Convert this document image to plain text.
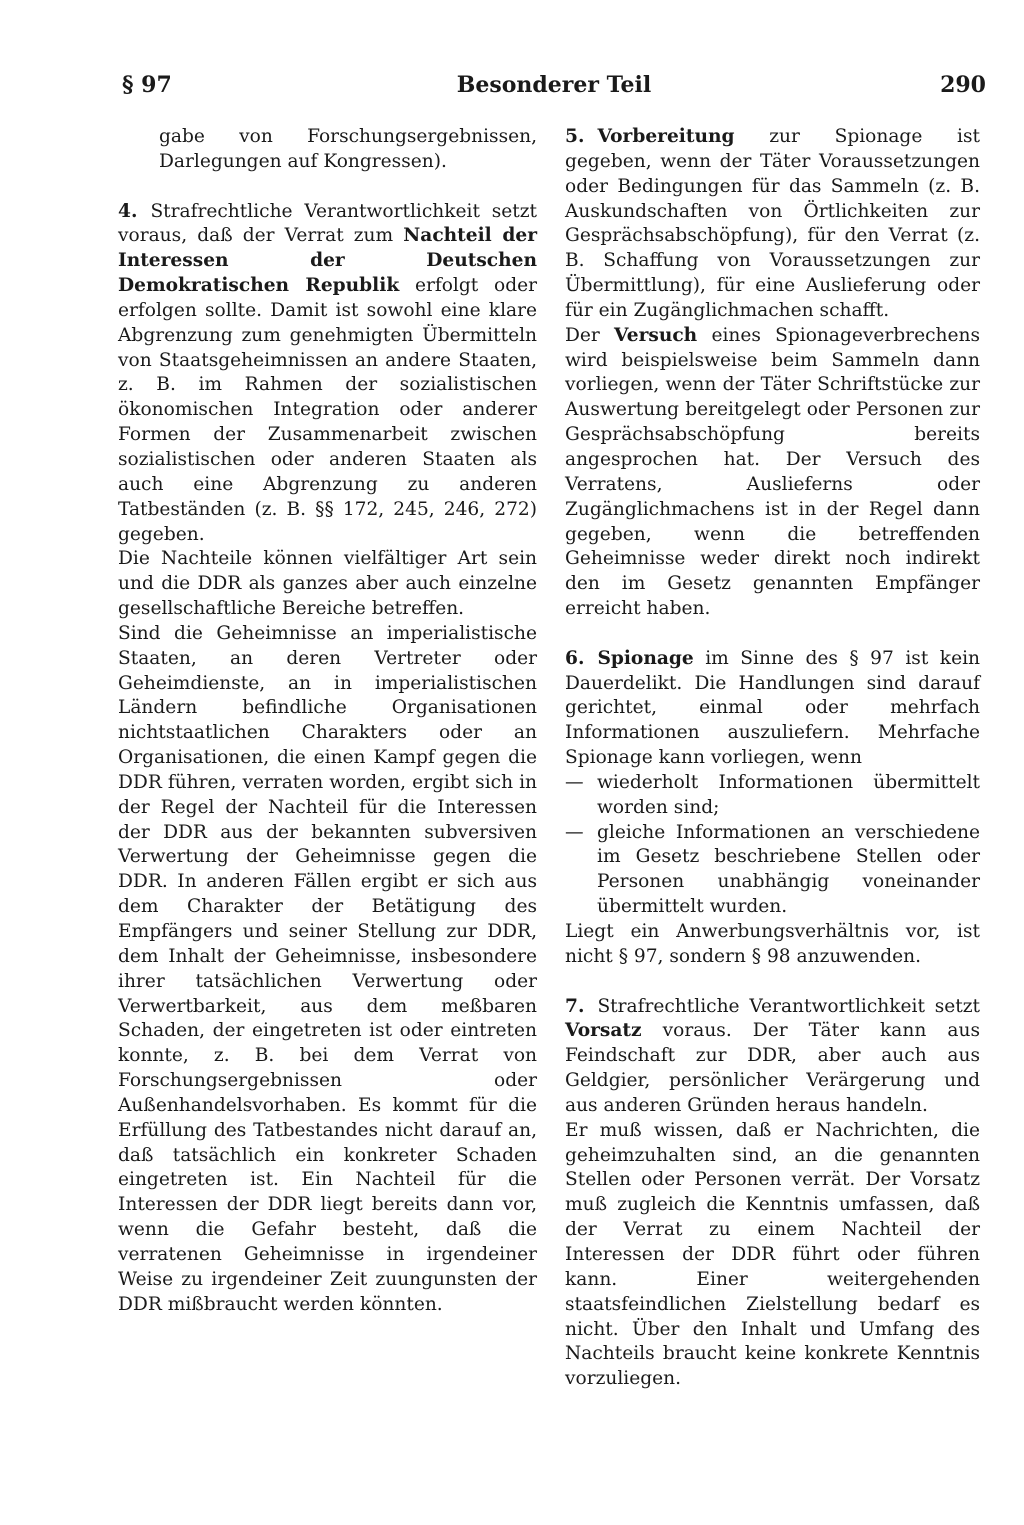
§ 97	Besonderer Teil	290

gabe von Forschungsergebnissen, Darlegungen auf Kongressen).

4. Strafrechtliche Verantwortlichkeit setzt voraus, daß der Verrat zum Nachteil der Interessen der Deutschen Demokratischen Republik erfolgt oder erfolgen sollte. Damit ist sowohl eine klare Abgrenzung zum genehmigten Übermitteln von Staatsgeheimnissen an andere Staaten, z. B. im Rahmen der sozialistischen ökonomischen Integration oder anderer Formen der Zusammenarbeit zwischen sozialistischen oder anderen Staaten als auch eine Abgrenzung zu anderen Tatbeständen (z. B. §§ 172, 245, 246, 272) gegeben.

Die Nachteile können vielfältiger Art sein und die DDR als ganzes aber auch einzelne gesellschaftliche Bereiche betreffen.

Sind die Geheimnisse an imperialistische Staaten, an deren Vertreter oder Geheimdienste, an in imperialistischen Ländern befindliche Organisationen nichtstaatlichen Charakters oder an Organisationen, die einen Kampf gegen die DDR führen, verraten worden, ergibt sich in der Regel der Nachteil für die Interessen der DDR aus der bekannten subversiven Verwertung der Geheimnisse gegen die DDR. In anderen Fällen ergibt er sich aus dem Charakter der Betätigung des Empfängers und seiner Stellung zur DDR, dem Inhalt der Geheimnisse, insbesondere ihrer tatsächlichen Verwertung oder Verwertbarkeit, aus dem meßbaren Schaden, der eingetreten ist oder eintreten konnte, z. B. bei dem Verrat von Forschungsergebnissen oder Außenhandelsvorhaben. Es kommt für die Erfüllung des Tatbestandes nicht darauf an, daß tatsächlich ein konkreter Schaden eingetreten ist. Ein Nachteil für die Interessen der DDR liegt bereits dann vor, wenn die Gefahr besteht, daß die verratenen Geheimnisse in irgendeiner Weise zu irgendeiner Zeit zuungunsten der DDR mißbraucht werden könnten.

5. Vorbereitung zur Spionage ist gegeben, wenn der Täter Voraussetzungen oder Bedingungen für das Sammeln (z. B. Auskundschaften von Örtlichkeiten zur Gesprächsabschöpfung), für den Verrat (z. B. Schaffung von Voraussetzungen zur Übermittlung), für eine Auslieferung oder für ein Zugänglichmachen schafft.

Der Versuch eines Spionageverbrechens wird beispielsweise beim Sammeln dann vorliegen, wenn der Täter Schriftstücke zur Auswertung bereitgelegt oder Personen zur Gesprächsabschöpfung bereits angesprochen hat. Der Versuch des Verratens, Auslieferns oder Zugänglichmachens ist in der Regel dann gegeben, wenn die betreffenden Geheimnisse weder direkt noch indirekt den im Gesetz genannten Empfänger erreicht haben.

6. Spionage im Sinne des § 97 ist kein Dauerdelikt. Die Handlungen sind darauf gerichtet, einmal oder mehrfach Informationen auszuliefern. Mehrfache Spionage kann vorliegen, wenn

— wiederholt Informationen übermittelt worden sind;

— gleiche Informationen an verschiedene im Gesetz beschriebene Stellen oder Personen unabhängig voneinander übermittelt wurden.

Liegt ein Anwerbungsverhältnis vor, ist nicht § 97, sondern § 98 anzuwenden.

7. Strafrechtliche Verantwortlichkeit setzt Vorsatz voraus. Der Täter kann aus Feindschaft zur DDR, aber auch aus Geldgier, persönlicher Verärgerung und aus anderen Gründen heraus handeln.

Er muß wissen, daß er Nachrichten, die geheimzuhalten sind, an die genannten Stellen oder Personen verrät. Der Vorsatz muß zugleich die Kenntnis umfassen, daß der Verrat zu einem Nachteil der Interessen der DDR führt oder führen kann. Einer weitergehenden staatsfeindlichen Zielstellung bedarf es nicht. Über den Inhalt und Umfang des Nachteils braucht keine konkrete Kenntnis vorzuliegen.
